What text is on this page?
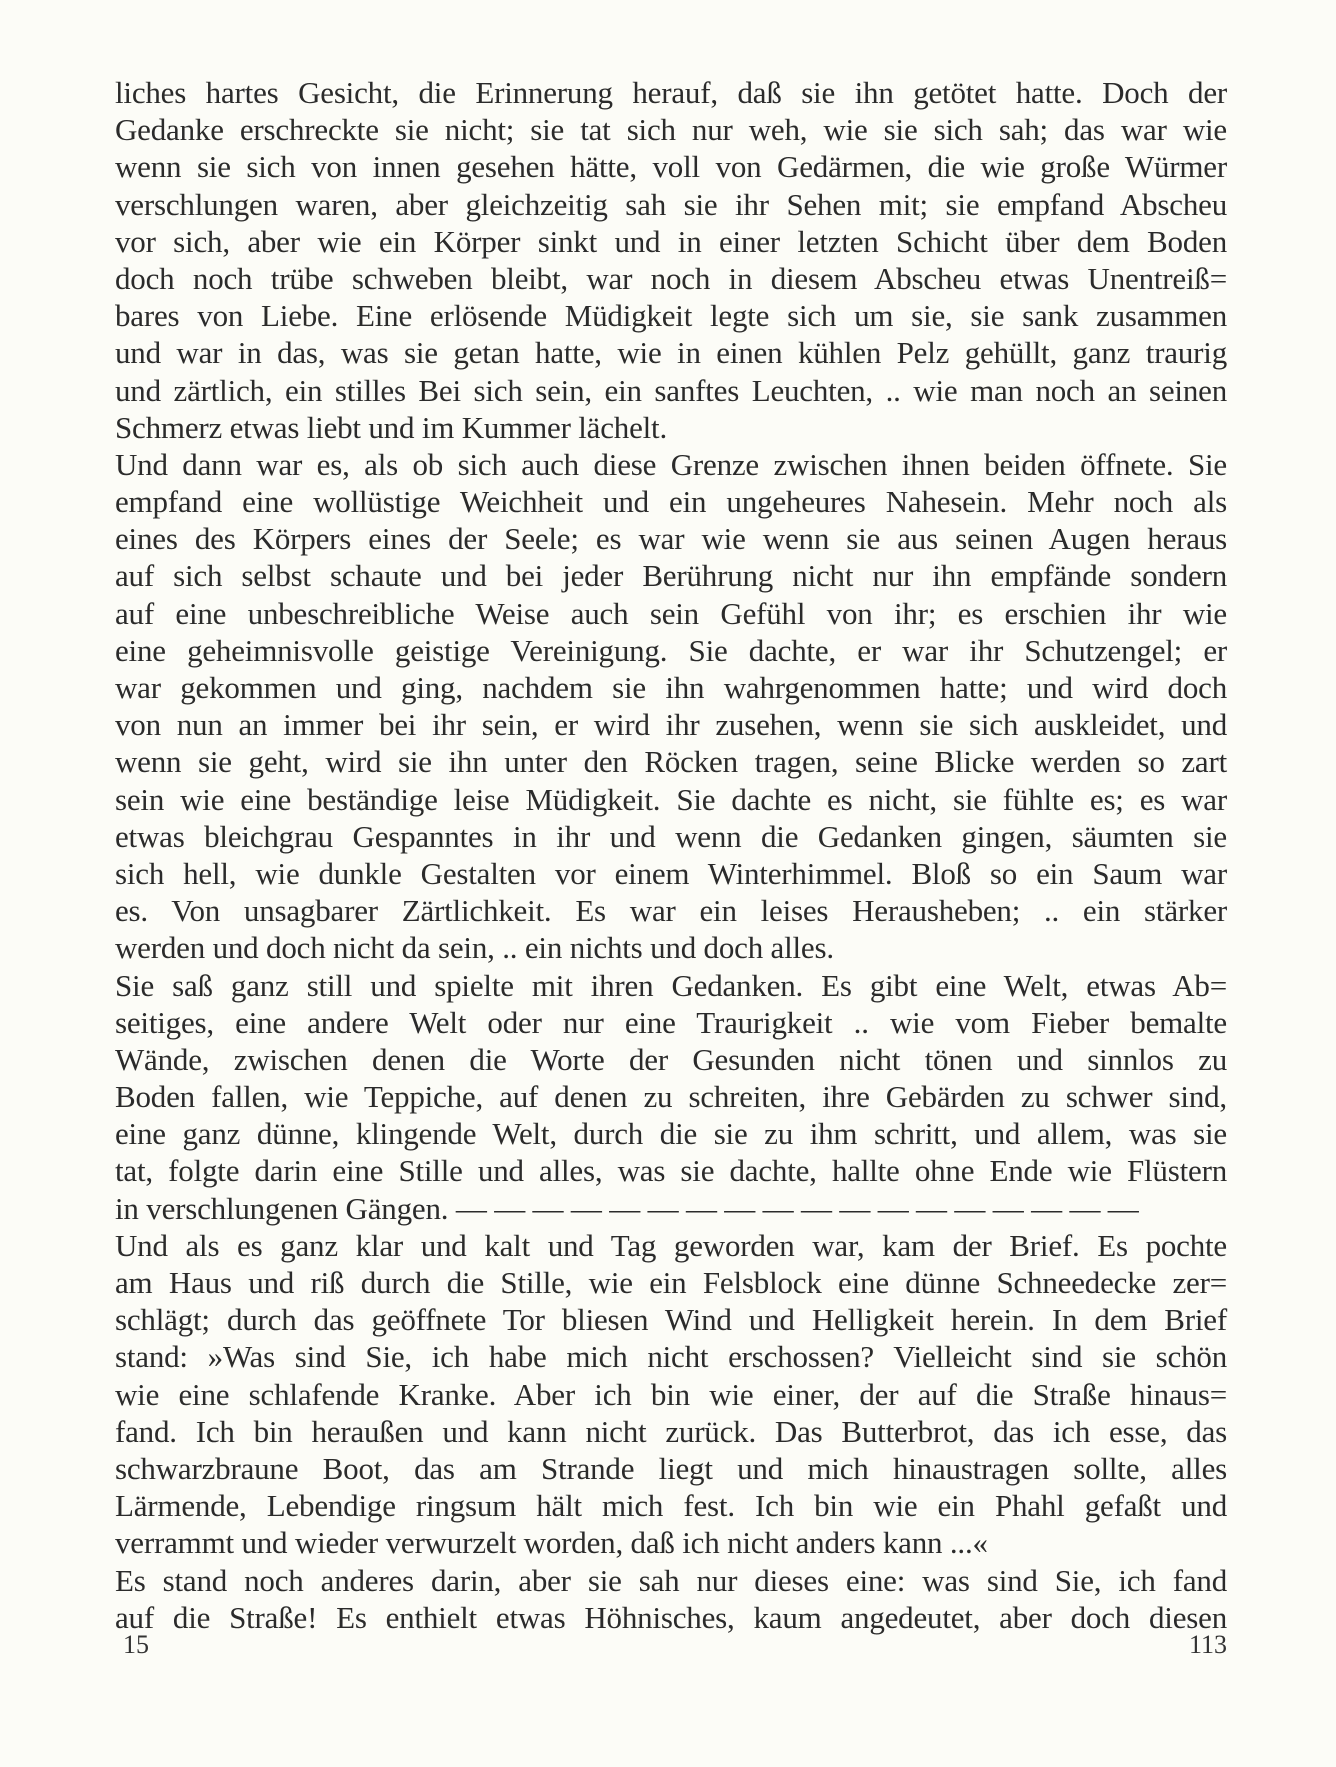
liches hartes Gesicht, die Erinnerung herauf, daß sie ihn getötet hatte. Doch der
Gedanke erschreckte sie nicht; sie tat sich nur weh, wie sie sich sah; das war wie
wenn sie sich von innen gesehen hätte, voll von Gedärmen, die wie große Würmer
verschlungen waren, aber gleichzeitig sah sie ihr Sehen mit; sie empfand Abscheu
vor sich, aber wie ein Körper sinkt und in einer letzten Schicht über dem Boden
doch noch trübe schweben bleibt, war noch in diesem Abscheu etwas Unentreiß=
bares von Liebe. Eine erlösende Müdigkeit legte sich um sie, sie sank zusammen
und war in das, was sie getan hatte, wie in einen kühlen Pelz gehüllt, ganz traurig
und zärtlich, ein stilles Bei sich sein, ein sanftes Leuchten, .. wie man noch an seinen
Schmerz etwas liebt und im Kummer lächelt.
Und dann war es, als ob sich auch diese Grenze zwischen ihnen beiden öffnete. Sie
empfand eine wollüstige Weichheit und ein ungeheures Nahesein. Mehr noch als
eines des Körpers eines der Seele; es war wie wenn sie aus seinen Augen heraus
auf sich selbst schaute und bei jeder Berührung nicht nur ihn empfände sondern
auf eine unbeschreibliche Weise auch sein Gefühl von ihr; es erschien ihr wie
eine geheimnisvolle geistige Vereinigung. Sie dachte, er war ihr Schutzengel; er
war gekommen und ging, nachdem sie ihn wahrgenommen hatte; und wird doch
von nun an immer bei ihr sein, er wird ihr zusehen, wenn sie sich auskleidet, und
wenn sie geht, wird sie ihn unter den Röcken tragen, seine Blicke werden so zart
sein wie eine beständige leise Müdigkeit. Sie dachte es nicht, sie fühlte es; es war
etwas bleichgrau Gespanntes in ihr und wenn die Gedanken gingen, säumten sie
sich hell, wie dunkle Gestalten vor einem Winterhimmel. Bloß so ein Saum war
es. Von unsagbarer Zärtlichkeit. Es war ein leises Herausheben; .. ein stärker
werden und doch nicht da sein, .. ein nichts und doch alles.
Sie saß ganz still und spielte mit ihren Gedanken. Es gibt eine Welt, etwas Ab=
seitiges, eine andere Welt oder nur eine Traurigkeit .. wie vom Fieber bemalte
Wände, zwischen denen die Worte der Gesunden nicht tönen und sinnlos zu
Boden fallen, wie Teppiche, auf denen zu schreiten, ihre Gebärden zu schwer sind,
eine ganz dünne, klingende Welt, durch die sie zu ihm schritt, und allem, was sie
tat, folgte darin eine Stille und alles, was sie dachte, hallte ohne Ende wie Flüstern
in verschlungenen Gängen. — — — — — — — — — — — — — — — — — —
Und als es ganz klar und kalt und Tag geworden war, kam der Brief. Es pochte
am Haus und riß durch die Stille, wie ein Felsblock eine dünne Schneedecke zer=
schlägt; durch das geöffnete Tor bliesen Wind und Helligkeit herein. In dem Brief
stand: »Was sind Sie, ich habe mich nicht erschossen? Vielleicht sind sie schön
wie eine schlafende Kranke. Aber ich bin wie einer, der auf die Straße hinaus=
fand. Ich bin heraußen und kann nicht zurück. Das Butterbrot, das ich esse, das
schwarzbraune Boot, das am Strande liegt und mich hinaustragen sollte, alles
Lärmende, Lebendige ringsum hält mich fest. Ich bin wie ein Phahl gefaßt und
verrammt und wieder verwurzelt worden, daß ich nicht anders kann ...«
Es stand noch anderes darin, aber sie sah nur dieses eine: was sind Sie, ich fand
auf die Straße! Es enthielt etwas Höhnisches, kaum angedeutet, aber doch diesen
15	113
